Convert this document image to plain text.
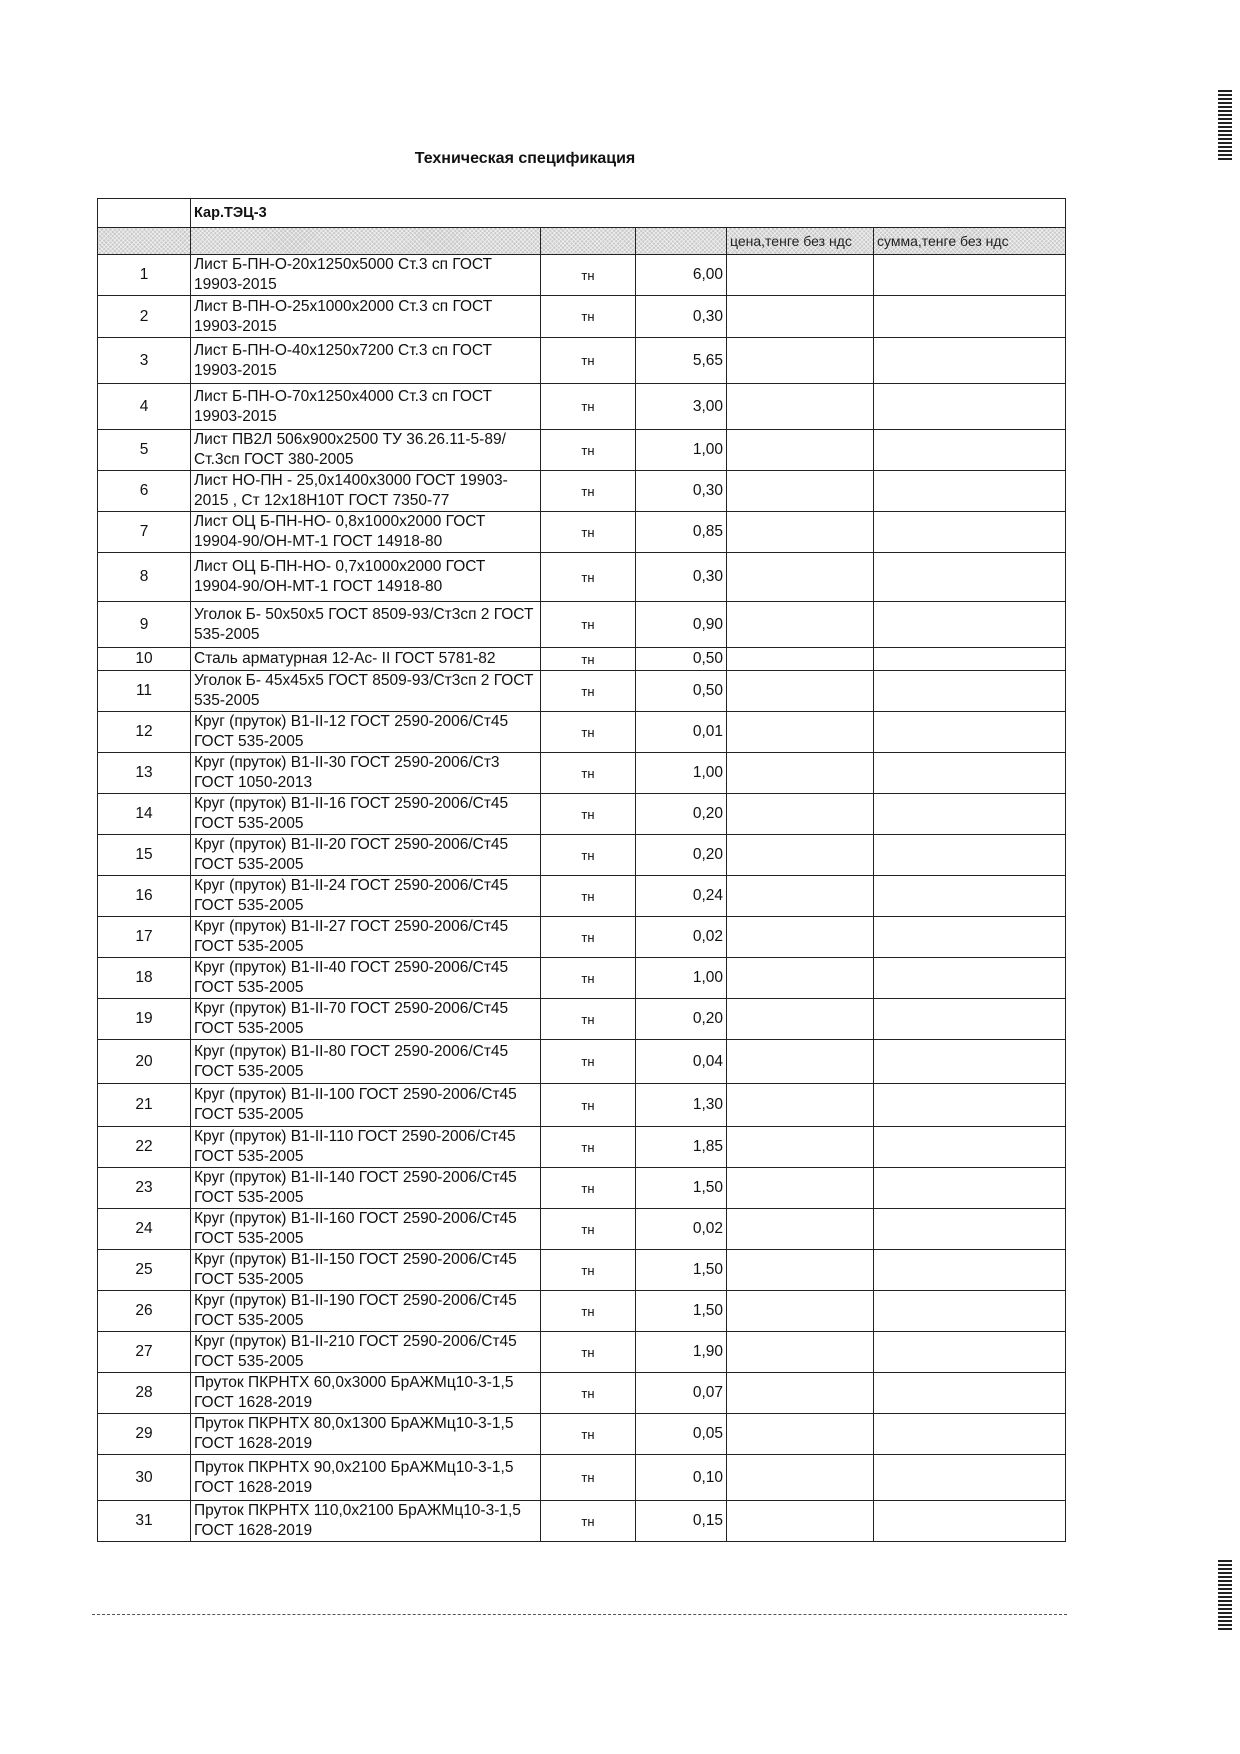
Техническая спецификация
	Кар.ТЭЦ-3				
				цена,тенге без ндс	сумма,тенге без ндс
1	Лист Б-ПН-О-20х1250х5000 Ст.3 сп ГОСТ 19903-2015	тн	6,00		
2	Лист В-ПН-О-25х1000х2000 Ст.3 сп ГОСТ 19903-2015	тн	0,30		
3	Лист Б-ПН-О-40х1250х7200 Ст.3 сп ГОСТ 19903-2015	тн	5,65		
4	Лист Б-ПН-О-70х1250х4000 Ст.3 сп ГОСТ 19903-2015	тн	3,00		
5	Лист ПВ2Л 506х900х2500 ТУ 36.26.11-5-89/Ст.3сп ГОСТ 380-2005	тн	1,00		
6	Лист НО-ПН - 25,0х1400х3000 ГОСТ 19903-2015 , Ст 12х18Н10Т ГОСТ 7350-77	тн	0,30		
7	Лист ОЦ Б-ПН-НО- 0,8х1000х2000 ГОСТ 19904-90/ОН-МТ-1 ГОСТ 14918-80	тн	0,85		
8	Лист ОЦ Б-ПН-НО- 0,7х1000х2000 ГОСТ 19904-90/ОН-МТ-1 ГОСТ 14918-80	тн	0,30		
9	Уголок Б- 50х50х5 ГОСТ 8509-93/Ст3сп 2 ГОСТ 535-2005	тн	0,90		
10	Сталь арматурная 12-Ас- II ГОСТ 5781-82	тн	0,50		
11	Уголок Б- 45х45х5 ГОСТ 8509-93/Ст3сп 2 ГОСТ 535-2005	тн	0,50		
12	Круг (пруток) В1-II-12 ГОСТ 2590-2006/Ст45 ГОСТ 535-2005	тн	0,01		
13	Круг (пруток) В1-II-30 ГОСТ 2590-2006/Ст3 ГОСТ 1050-2013	тн	1,00		
14	Круг (пруток) В1-II-16 ГОСТ 2590-2006/Ст45 ГОСТ 535-2005	тн	0,20		
15	Круг (пруток) В1-II-20 ГОСТ 2590-2006/Ст45 ГОСТ 535-2005	тн	0,20		
16	Круг (пруток) В1-II-24 ГОСТ 2590-2006/Ст45 ГОСТ 535-2005	тн	0,24		
17	Круг (пруток) В1-II-27 ГОСТ 2590-2006/Ст45 ГОСТ 535-2005	тн	0,02		
18	Круг (пруток) В1-II-40 ГОСТ 2590-2006/Ст45 ГОСТ 535-2005	тн	1,00		
19	Круг (пруток) В1-II-70 ГОСТ 2590-2006/Ст45 ГОСТ 535-2005	тн	0,20		
20	Круг (пруток) В1-II-80 ГОСТ 2590-2006/Ст45 ГОСТ 535-2005	тн	0,04		
21	Круг (пруток) В1-II-100 ГОСТ 2590-2006/Ст45 ГОСТ 535-2005	тн	1,30		
22	Круг (пруток) В1-II-110 ГОСТ 2590-2006/Ст45 ГОСТ 535-2005	тн	1,85		
23	Круг (пруток) В1-II-140 ГОСТ 2590-2006/Ст45 ГОСТ 535-2005	тн	1,50		
24	Круг (пруток) В1-II-160 ГОСТ 2590-2006/Ст45 ГОСТ 535-2005	тн	0,02		
25	Круг (пруток) В1-II-150 ГОСТ 2590-2006/Ст45 ГОСТ 535-2005	тн	1,50		
26	Круг (пруток) В1-II-190 ГОСТ 2590-2006/Ст45 ГОСТ 535-2005	тн	1,50		
27	Круг (пруток) В1-II-210 ГОСТ 2590-2006/Ст45 ГОСТ 535-2005	тн	1,90		
28	Пруток ПКРНТХ 60,0х3000 БрАЖМц10-3-1,5 ГОСТ 1628-2019	тн	0,07		
29	Пруток ПКРНТХ 80,0х1300 БрАЖМц10-3-1,5 ГОСТ 1628-2019	тн	0,05		
30	Пруток ПКРНТХ 90,0х2100 БрАЖМц10-3-1,5 ГОСТ 1628-2019	тн	0,10		
31	Пруток ПКРНТХ 110,0х2100 БрАЖМц10-3-1,5 ГОСТ 1628-2019	тн	0,15		
